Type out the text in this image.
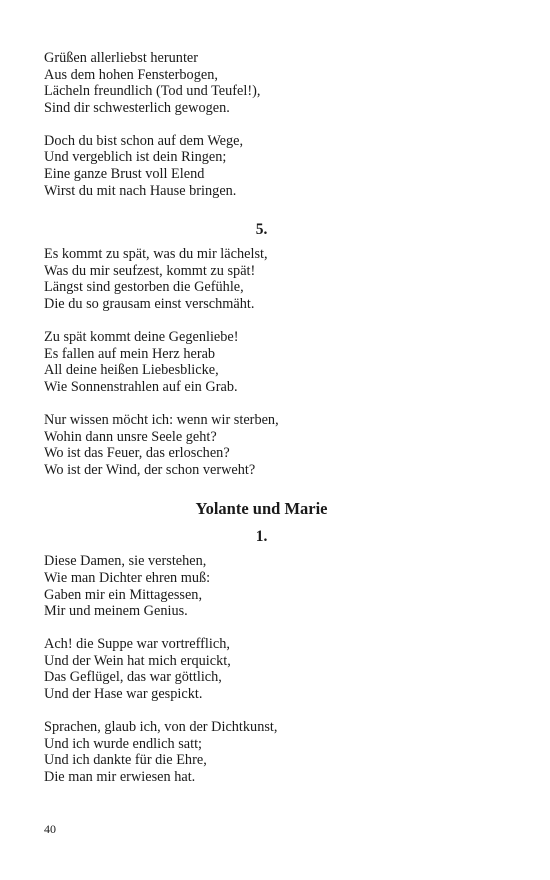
Grüßen allerliebst herunter
Aus dem hohen Fensterbogen,
Lächeln freundlich (Tod und Teufel!),
Sind dir schwesterlich gewogen.
Doch du bist schon auf dem Wege,
Und vergeblich ist dein Ringen;
Eine ganze Brust voll Elend
Wirst du mit nach Hause bringen.
5.
Es kommt zu spät, was du mir lächelst,
Was du mir seufzest, kommt zu spät!
Längst sind gestorben die Gefühle,
Die du so grausam einst verschmäht.
Zu spät kommt deine Gegenliebe!
Es fallen auf mein Herz herab
All deine heißen Liebesblicke,
Wie Sonnenstrahlen auf ein Grab.
Nur wissen möcht ich: wenn wir sterben,
Wohin dann unsre Seele geht?
Wo ist das Feuer, das erloschen?
Wo ist der Wind, der schon verweht?
Yolante und Marie
1.
Diese Damen, sie verstehen,
Wie man Dichter ehren muß:
Gaben mir ein Mittagessen,
Mir und meinem Genius.
Ach! die Suppe war vortrefflich,
Und der Wein hat mich erquickt,
Das Geflügel, das war göttlich,
Und der Hase war gespickt.
Sprachen, glaub ich, von der Dichtkunst,
Und ich wurde endlich satt;
Und ich dankte für die Ehre,
Die man mir erwiesen hat.
40
